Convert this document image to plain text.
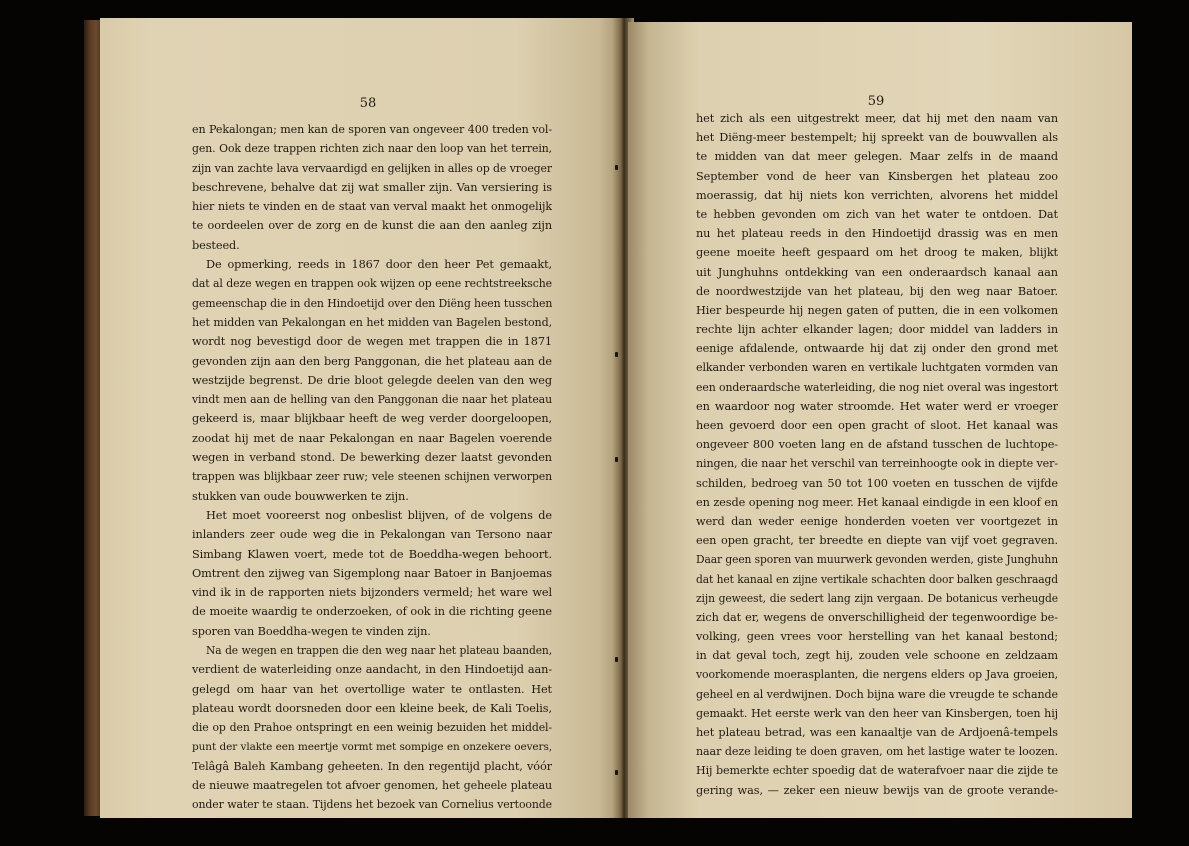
58
en Pekalongan; men kan de sporen van ongeveer 400 treden vol-
gen. Ook deze trappen richten zich naar den loop van het terrein,
zijn van zachte lava vervaardigd en gelijken in alles op de vroeger
beschrevene, behalve dat zij wat smaller zijn. Van versiering is
hier niets te vinden en de staat van verval maakt het onmogelijk
te oordeelen over de zorg en de kunst die aan den aanleg zijn
besteed.
De opmerking, reeds in 1867 door den heer Pet gemaakt,
dat al deze wegen en trappen ook wijzen op eene rechtstreeksche
gemeenschap die in den Hindoetijd over den Diëng heen tusschen
het midden van Pekalongan en het midden van Bagelen bestond,
wordt nog bevestigd door de wegen met trappen die in 1871
gevonden zijn aan den berg Panggonan, die het plateau aan de
westzijde begrenst. De drie bloot gelegde deelen van den weg
vindt men aan de helling van den Panggonan die naar het plateau
gekeerd is, maar blijkbaar heeft de weg verder doorgeloopen,
zoodat hij met de naar Pekalongan en naar Bagelen voerende
wegen in verband stond. De bewerking dezer laatst gevonden
trappen was blijkbaar zeer ruw; vele steenen schijnen verworpen
stukken van oude bouwwerken te zijn.
Het moet vooreerst nog onbeslist blijven, of de volgens de
inlanders zeer oude weg die in Pekalongan van Tersono naar
Simbang Klawen voert, mede tot de Boeddha-wegen behoort.
Omtrent den zijweg van Sigemplong naar Batoer in Banjoemas
vind ik in de rapporten niets bijzonders vermeld; het ware wel
de moeite waardig te onderzoeken, of ook in die richting geene
sporen van Boeddha-wegen te vinden zijn.
Na de wegen en trappen die den weg naar het plateau baanden,
verdient de waterleiding onze aandacht, in den Hindoetijd aan-
gelegd om haar van het overtollige water te ontlasten. Het
plateau wordt doorsneden door een kleine beek, de Kali Toelis,
die op den Prahoe ontspringt en een weinig bezuiden het middel-
punt der vlakte een meertje vormt met sompige en onzekere oevers,
Telâgâ Baleh Kambang geheeten. In den regentijd placht, vóór
de nieuwe maatregelen tot afvoer genomen, het geheele plateau
onder water te staan. Tijdens het bezoek van Cornelius vertoonde
59
het zich als een uitgestrekt meer, dat hij met den naam van
het Diëng-meer bestempelt; hij spreekt van de bouwvallen als
te midden van dat meer gelegen. Maar zelfs in de maand
September vond de heer van Kinsbergen het plateau zoo
moerassig, dat hij niets kon verrichten, alvorens het middel
te hebben gevonden om zich van het water te ontdoen. Dat
nu het plateau reeds in den Hindoetijd drassig was en men
geene moeite heeft gespaard om het droog te maken, blijkt
uit Junghuhns ontdekking van een onderaardsch kanaal aan
de noordwestzijde van het plateau, bij den weg naar Batoer.
Hier bespeurde hij negen gaten of putten, die in een volkomen
rechte lijn achter elkander lagen; door middel van ladders in
eenige afdalende, ontwaarde hij dat zij onder den grond met
elkander verbonden waren en vertikale luchtgaten vormden van
een onderaardsche waterleiding, die nog niet overal was ingestort
en waardoor nog water stroomde. Het water werd er vroeger
heen gevoerd door een open gracht of sloot. Het kanaal was
ongeveer 800 voeten lang en de afstand tusschen de luchtope-
ningen, die naar het verschil van terreinhoogte ook in diepte ver-
schilden, bedroeg van 50 tot 100 voeten en tusschen de vijfde
en zesde opening nog meer. Het kanaal eindigde in een kloof en
werd dan weder eenige honderden voeten ver voortgezet in
een open gracht, ter breedte en diepte van vijf voet gegraven.
Daar geen sporen van muurwerk gevonden werden, giste Junghuhn
dat het kanaal en zijne vertikale schachten door balken geschraagd
zijn geweest, die sedert lang zijn vergaan. De botanicus verheugde
zich dat er, wegens de onverschilligheid der tegenwoordige be-
volking, geen vrees voor herstelling van het kanaal bestond;
in dat geval toch, zegt hij, zouden vele schoone en zeldzaam
voorkomende moerasplanten, die nergens elders op Java groeien,
geheel en al verdwijnen. Doch bijna ware die vreugde te schande
gemaakt. Het eerste werk van den heer van Kinsbergen, toen hij
het plateau betrad, was een kanaaltje van de Ardjoenâ-tempels
naar deze leiding te doen graven, om het lastige water te loozen.
Hij bemerkte echter spoedig dat de waterafvoer naar die zijde te
gering was, — zeker een nieuw bewijs van de groote verande-
